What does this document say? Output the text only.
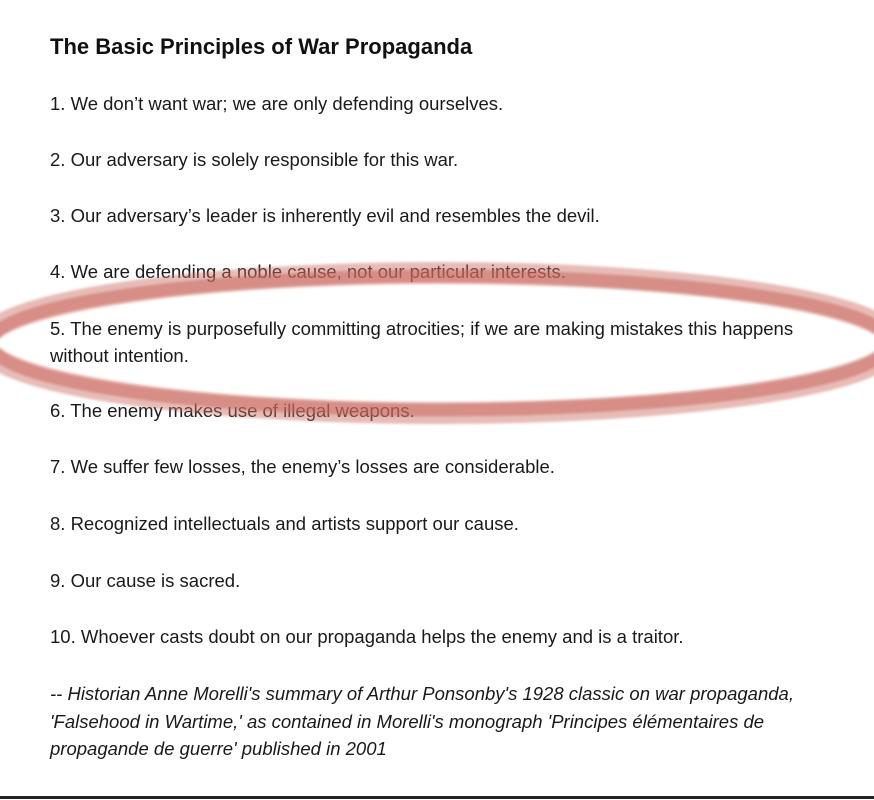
The Basic Principles of War Propaganda

1. We don’t want war; we are only defending ourselves.

2. Our adversary is solely responsible for this war.

3. Our adversary’s leader is inherently evil and resembles the devil.

4. We are defending a noble cause, not our particular interests.

5. The enemy is purposefully committing atrocities; if we are making mistakes this happens without intention.

6. The enemy makes use of illegal weapons.

7. We suffer few losses, the enemy’s losses are considerable.

8. Recognized intellectuals and artists support our cause.

9. Our cause is sacred.

10. Whoever casts doubt on our propaganda helps the enemy and is a traitor.

-- Historian Anne Morelli's summary of Arthur Ponsonby's 1928 classic on war propaganda, 'Falsehood in Wartime,' as contained in Morelli's monograph 'Principes élémentaires de propagande de guerre' published in 2001
